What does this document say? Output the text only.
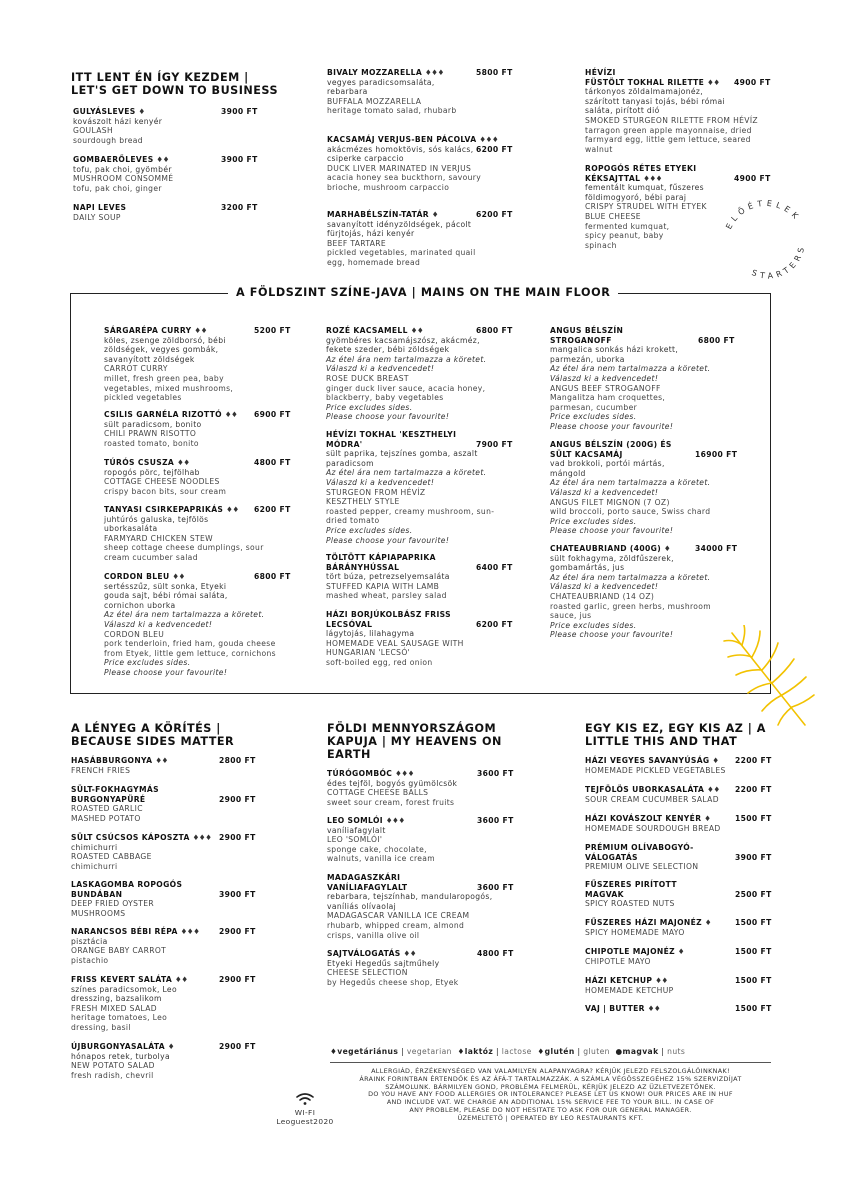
ITT LENT ÉN ÍGY KEZDEM | LET'S GET DOWN TO BUSINESS
GULYÁSLEVES ♦
kovászolt házi kenyér
GOULASH
sourdough bread
3900 FT
GOMBAERŐLEVES ♦♦
tofu, pak choi, gyömbér
MUSHROOM CONSOMMÉ
tofu, pak choi, ginger
3900 FT
NAPI LEVES
DAILY SOUP
3200 FT
BIVALY MOZZARELLA ♦♦♦
vegyes paradicsomsaláta, rebarbara
BUFFALA MOZZARELLA
heritage tomato salad, rhubarb
5800 FT
KACSAMÁJ VERJUS-BEN PÁCOLVA ♦♦♦
akácmézes homoktövis, sós kalács, csiperke carpaccio
DUCK LIVER MARINATED IN VERJUS
acacia honey sea buckthorn, savoury brioche, mushroom carpaccio
6200 FT
MARHABÉLSZÍN-TATÁR ♦
savanyított idényzöldségek, pácolt fürjtojás, házi kenyér
BEEF TARTARE
pickled vegetables, marinated quail egg, homemade bread
6200 FT
HÉVÍZI
FÜSTÖLT TOKHAL RILETTE ♦♦
tárkonyos zöldalmamajonéz, szárított tanyasi tojás, bébi római saláta, pirított dió
SMOKED STURGEON RILETTE FROM HÉVÍZ
tarragon green apple mayonnaise, dried farmyard egg, little gem lettuce, seared walnut
4900 FT
ROPOGÓS RÉTES ETYEKI KÉKSAJTTAL ♦♦♦
fementált kumquat, fűszeres földimogyoró, bébi paraj
CRISPY STRUDEL WITH ETYEK BLUE CHEESE
fermented kumquat, spicy peanut, baby spinach
4900 FT
ELŐÉTELEK
STARTERS
A FÖLDSZINT SZÍNE-JAVA | MAINS ON THE MAIN FLOOR
SÁRGARÉPA CURRY ♦♦
köles, zsenge zöldborsó, bébi zöldségek, vegyes gombák, savanyított zöldségek
CARROT CURRY
millet, fresh green pea, baby vegetables, mixed mushrooms, pickled vegetables
5200 FT
CSILIS GARNÉLA RIZOTTÓ ♦♦
sült paradicsom, bonito
CHILI PRAWN RISOTTO
roasted tomato, bonito
6900 FT
TÚRÓS CSUSZA ♦♦
ropogós pörc, tejfölhab
COTTAGE CHEESE NOODLES
crispy bacon bits, sour cream
4800 FT
TANYASI CSIRKEPAPRIKÁS ♦♦
juhtúrós galuska, tejfölös uborkasaláta
FARMYARD CHICKEN STEW
sheep cottage cheese dumplings, sour cream cucumber salad
6200 FT
CORDON BLEU ♦♦
sertésszűz, sült sonka, Etyeki gouda sajt, bébi római saláta, cornichon uborka
Az étel ára nem tartalmazza a köretet.
Válaszd ki a kedvencedet!
CORDON BLEU
pork tenderloin, fried ham, gouda cheese from Etyek, little gem lettuce, cornichons
Price excludes sides.
Please choose your favourite!
6800 FT
ROZÉ KACSAMELL ♦♦
gyömbéres kacsamájszósz, akácméz, fekete szeder, bébi zöldségek
Az étel ára nem tartalmazza a köretet.
Válaszd ki a kedvencedet!
ROSE DUCK BREAST
ginger duck liver sauce, acacia honey, blackberry, baby vegetables
Price excludes sides.
Please choose your favourite!
6800 FT
HÉVÍZI TOKHAL 'KESZTHELYI MÓDRA'
sült paprika, tejszínes gomba, aszalt paradicsom
Az étel ára nem tartalmazza a köretet.
Válaszd ki a kedvencedet!
STURGEON FROM HÉVÍZ KESZTHELY STYLE
roasted pepper, creamy mushroom, sun-dried tomato
Price excludes sides.
Please choose your favourite!
7900 FT
TÖLTÖTT KÁPIAPAPRIKA BÁRÁNYHÚSSAL
tört búza, petrezselyemsaláta
STUFFED KAPIA WITH LAMB
mashed wheat, parsley salad
6400 FT
HÁZI BORJÚKOLBÁSZ FRISS LECSÓVAL
lágytojás, lilahagyma
HOMEMADE VEAL SAUSAGE WITH HUNGARIAN 'LECSÓ'
soft-boiled egg, red onion
6200 FT
ANGUS BÉLSZÍN STROGANOFF
mangalica sonkás házi krokett, parmezán, uborka
Az étel ára nem tartalmazza a köretet.
Válaszd ki a kedvencedet!
ANGUS BEEF STROGANOFF
Mangalitza ham croquettes, parmesan, cucumber
Price excludes sides.
Please choose your favourite!
6800 FT
ANGUS BÉLSZÍN (200G) ÉS SÜLT KACSAMÁJ
vad brokkoli, portói mártás, mángold
Az étel ára nem tartalmazza a köretet.
Válaszd ki a kedvencedet!
ANGUS FILET MIGNON (7 OZ)
wild broccoli, porto sauce, Swiss chard
Price excludes sides.
Please choose your favourite!
16900 FT
CHATEAUBRIAND (400G) ♦
sült fokhagyma, zöldfűszerek, gombamártás, jus
Az étel ára nem tartalmazza a köretet.
Válaszd ki a kedvencedet!
CHATEAUBRIAND (14 OZ)
roasted garlic, green herbs, mushroom sauce, jus
Price excludes sides.
Please choose your favourite!
34000 FT
A LÉNYEG A KÖRÍTÉS | BECAUSE SIDES MATTER
HASÁBBURGONYA ♦♦
FRENCH FRIES
2800 FT
SÜLT-FOKHAGYMÁS BURGONYAPÜRÉ
ROASTED GARLIC MASHED POTATO
2900 FT
SÜLT CSÚCSOS KÁPOSZTA ♦♦♦
chimichurri
ROASTED CABBAGE
chimichurri
2900 FT
LASKAGOMBA ROPOGÓS BUNDÁBAN
DEEP FRIED OYSTER MUSHROOMS
3900 FT
NARANCSOS BÉBI RÉPA ♦♦♦
pisztácia
ORANGE BABY CARROT
pistachio
2900 FT
FRISS KEVERT SALÁTA ♦♦
színes paradicsomok, Leo dresszing, bazsalikom
FRESH MIXED SALAD
heritage tomatoes, Leo dressing, basil
2900 FT
ÚJBURGONYASALÁTA ♦
hónapos retek, turbolya
NEW POTATO SALAD
fresh radish, chevril
2900 FT
FÖLDI MENNYORSZÁGOM KAPUJA | MY HEAVENS ON EARTH
TÚRÓGOMBÓC ♦♦♦
édes tejföl, bogyós gyümölcsök
COTTAGE CHEESE BALLS
sweet sour cream, forest fruits
3600 FT
LEO SOMLÓI ♦♦♦
vaníliafagylalt
LEO 'SOMLÓI'
sponge cake, chocolate, walnuts, vanilla ice cream
3600 FT
MADAGASZKÁRI VANÍLIAFAGYLALT
rebarbara, tejszínhab, mandularopogós, vaníliás olívaolaj
MADAGASCAR VANILLA ICE CREAM
rhubarb, whipped cream, almond crisps, vanilla olive oil
3600 FT
SAJTVÁLOGATÁS ♦♦
Etyeki Hegedűs sajtműhely
CHEESE SELECTION
by Hegedűs cheese shop, Etyek
4800 FT
EGY KIS EZ, EGY KIS AZ | A LITTLE THIS AND THAT
HÁZI VEGYES SAVANYÚSÁG ♦
HOMEMADE PICKLED VEGETABLES
2200 FT
TEJFÖLÖS UBORKASALÁTA ♦♦
SOUR CREAM CUCUMBER SALAD
2200 FT
HÁZI KOVÁSZOLT KENYÉR ♦
HOMEMADE SOURDOUGH BREAD
1500 FT
PRÉMIUM OLÍVABOGYÓ-VÁLOGATÁS
PREMIUM OLIVE SELECTION
3900 FT
FŰSZERES PIRÍTOTT MAGVAK
SPICY ROASTED NUTS
2500 FT
FŰSZERES HÁZI MAJONÉZ ♦
SPICY HOMEMADE MAYO
1500 FT
CHIPOTLE MAJONÉZ ♦
CHIPOTLE MAYO
1500 FT
HÁZI KETCHUP ♦♦
HOMEMADE KETCHUP
1500 FT
VAJ | BUTTER ♦♦	1500 FT
♦vegetáriánus | vegetarian ♦laktóz | lactose ♦glutén | gluten ●magvak | nuts
ALLERGIÁD, ÉRZÉKENYSÉGED VAN VALAMILYEN ALAPANYAGRA? KÉRJÜK JELEZD FELSZOLGÁLÓINKNAK!
ÁRAINK FORINTBAN ÉRTENDŐK ÉS AZ ÁFÁ-T TARTALMAZZÁK. A SZÁMLA VÉGÖSSZEGÉHEZ 15% SZERVIZDÍJAT
SZÁMOLUNK. BÁRMILYEN GOND, PROBLÉMA FELMERÜL, KÉRJÜK JELEZD AZ ÜZLETVEZETŐNEK.
DO YOU HAVE ANY FOOD ALLERGIES OR INTOLERANCE? PLEASE LET US KNOW! OUR PRICES ARE IN HUF
AND INCLUDE VAT. WE CHARGE AN ADDITIONAL 15% SERVICE FEE TO YOUR BILL. IN CASE OF
ANY PROBLEM, PLEASE DO NOT HESITATE TO ASK FOR OUR GENERAL MANAGER.
ÜZEMELTETŐ | OPERATED BY LEO RESTAURANTS KFT.
WI-FI
Leoguest2020
